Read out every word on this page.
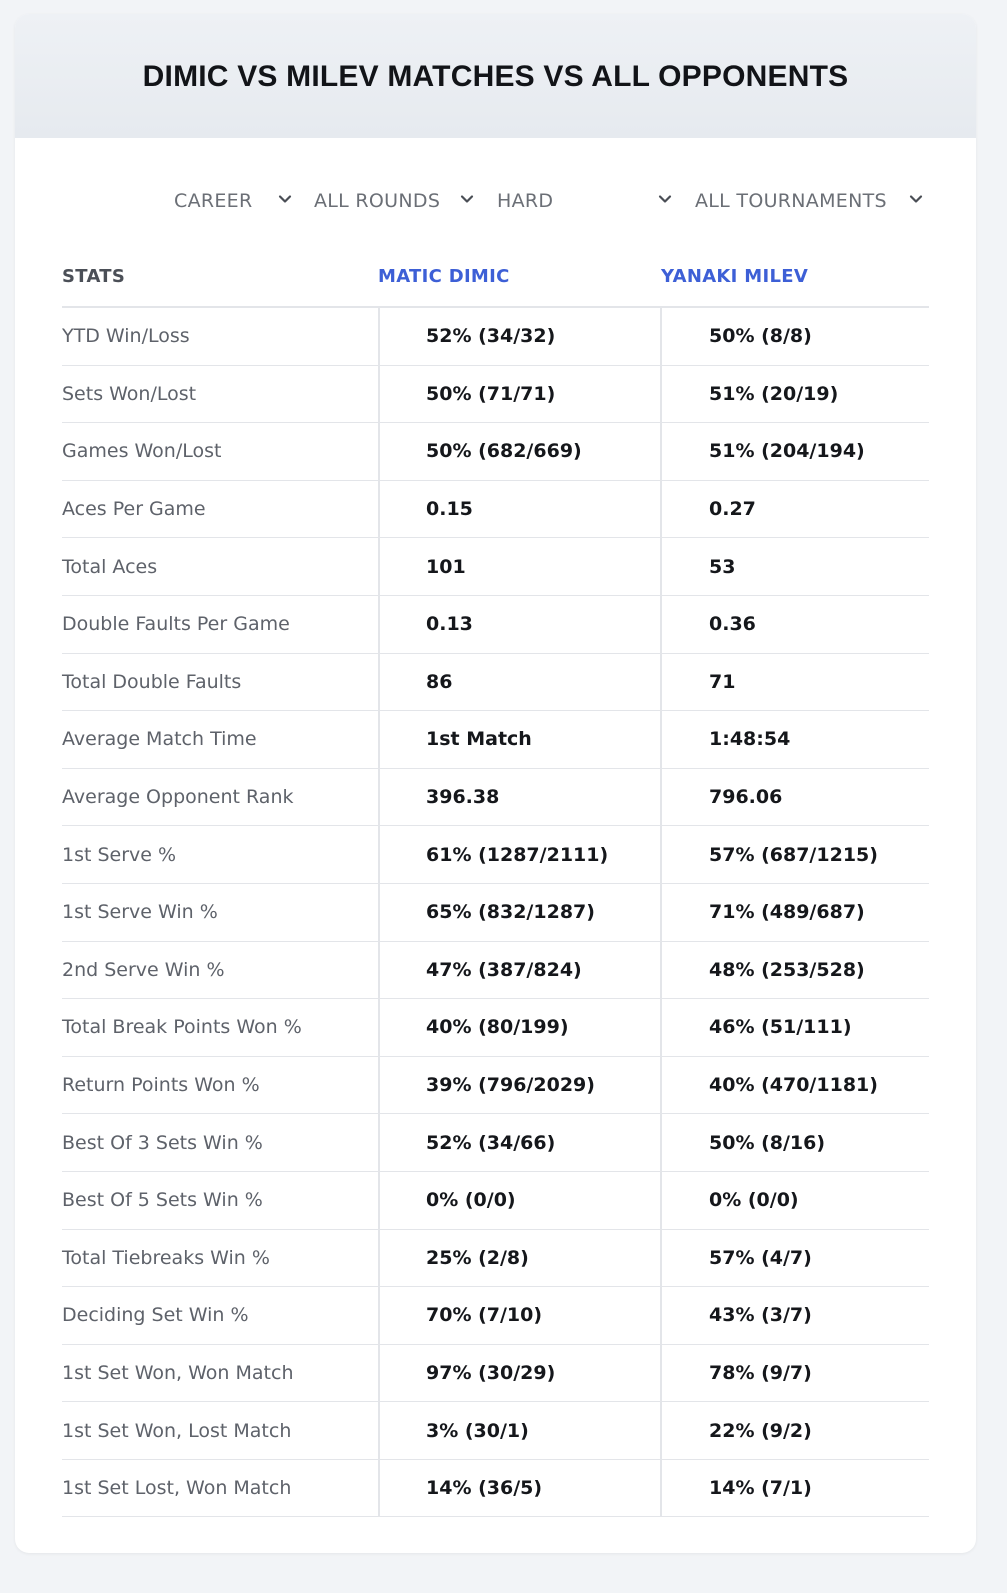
DIMIC VS MILEV MATCHES VS ALL OPPONENTS
CAREER	ALL ROUNDS	HARD	ALL TOURNAMENTS
STATS	MATIC DIMIC	YANAKI MILEV
YTD Win/Loss	52% (34/32)	50% (8/8)
Sets Won/Lost	50% (71/71)	51% (20/19)
Games Won/Lost	50% (682/669)	51% (204/194)
Aces Per Game	0.15	0.27
Total Aces	101	53
Double Faults Per Game	0.13	0.36
Total Double Faults	86	71
Average Match Time	1st Match	1:48:54
Average Opponent Rank	396.38	796.06
1st Serve %	61% (1287/2111)	57% (687/1215)
1st Serve Win %	65% (832/1287)	71% (489/687)
2nd Serve Win %	47% (387/824)	48% (253/528)
Total Break Points Won %	40% (80/199)	46% (51/111)
Return Points Won %	39% (796/2029)	40% (470/1181)
Best Of 3 Sets Win %	52% (34/66)	50% (8/16)
Best Of 5 Sets Win %	0% (0/0)	0% (0/0)
Total Tiebreaks Win %	25% (2/8)	57% (4/7)
Deciding Set Win %	70% (7/10)	43% (3/7)
1st Set Won, Won Match	97% (30/29)	78% (9/7)
1st Set Won, Lost Match	3% (30/1)	22% (9/2)
1st Set Lost, Won Match	14% (36/5)	14% (7/1)
